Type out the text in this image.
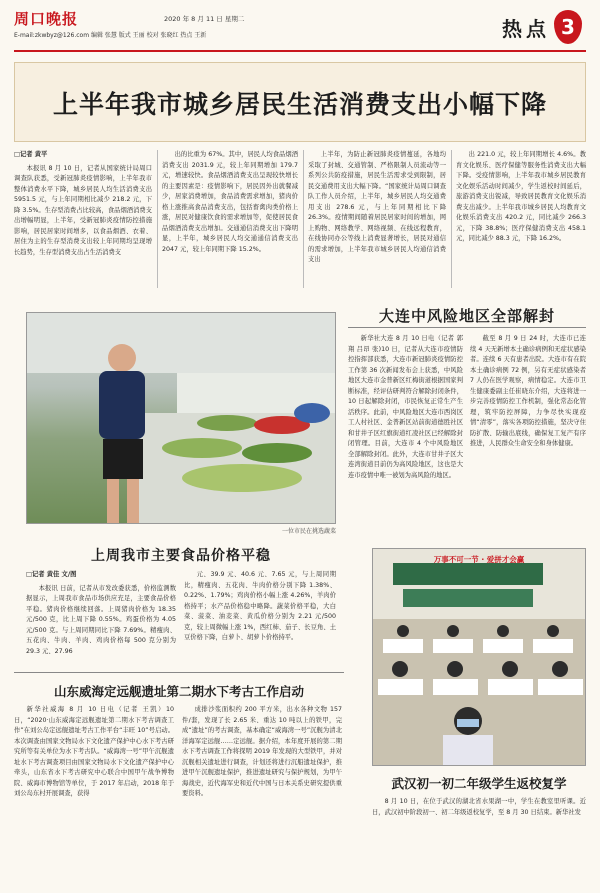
周口晚报	2020 年 8 月 11 日 星期二
E-mail:zkwbyz@126.com 编辑 张慧 版式 王丽 校对 张晓红 热点 王新	热点 3
上半年我市城乡居民生活消费支出小幅下降
□记者 黄平

本报讯 8 月 10 日，记者从国家统计局周口调查队获悉，受新冠肺炎疫情影响，上半年我市整体消费水平下降，城乡居民人均生活消费支出 5951.5 元，与上年同期相比减少 218.2 元，下降 3.5%。生存型消费占比较高，食品烟酒消费支出增幅明显，上半年，受新冠肺炎疫情防控措施影响，居民居家时间增多，以食品烟酒、衣着、居住为主的生存型消费支出较上年同期均呈现增长趋势，生存型消费支出占生活消费支

出的比重为 67%。其中，居民人均食品烟酒消费支出 2031.9 元，较上年同期增加 179.7 元，增速较快。食品烟酒消费支出呈现较快增长的主要因素是：疫情影响下，居民因外出就餐减少，居家消费增加，食品消费需求增加，猪肉价格上涨推高食品消费支出，包括畜禽肉类价格上涨，居民对健康饮食的需求增加等，促使居民食品烟酒消费支出增加。交通通信消费支出下降明显，上半年，城乡居民人均交通通信消费支出 2047 元，较上年同期下降 15.2%。

上半年，为防止新冠肺炎疫情蔓延，各地均采取了封城、交通管制、严格限制人员流动等一系列公共防疫措施，居民生活需求受到限制，居民交通费用支出大幅下降。“国家统计局周口调查队工作人员介绍，上半年，城乡居民人均交通费用支出 278.6 元，与上年同期相比下降 26.3%。疫情期间随着居民居家时间的增加，网上购物、网络教学、网络视频、在线远程教育，在线协同办公等线上消费显著增长，居民对通信的需求增加，上半年我市城乡居民人均通信消费支出

出 221.0 元，较上年同期增长 4.6%。教育文化娱乐、医疗保健等服务性消费支出大幅下降。受疫情影响，上半年我市城乡居民教育文化娱乐活动时间减少，学生返校时间延后，旅游消费支出锐减，导致居民教育文化娱乐消费支出减少。上半年我市城乡居民人均教育文化娱乐消费支出 420.2 元，同比减少 266.3 元，下降 38.8%；医疗保健消费支出 458.1 元，同比减少 88.3 元，下降 16.2%。

一位市民在挑选蔬菜
上周我市主要食品价格平稳
□记者 黄佳 文/图

本报讯 日前，记者从市发改委获悉，价格监测数据显示，上周我市食品市场供应充足，主要食品价格平稳。猪肉价格继续回落。上周猪肉价格为 18.35 元/500 克，比上周下降 0.55%。鸡蛋价格为 4.05 元/500 克。与上周同期同比下降 7.69%。精瘦肉、五花肉、牛肉、羊肉、鸡肉价格每 500 克分别为 29.3 元、27.96

元、39.9 元、40.6 元、7.65 元，与上周同期比，精瘦肉、五花肉、牛肉价格分别下降 1.38%、0.22%、1.79%；鸡肉价格小幅上涨 4.26%，羊肉价格持平；水产品价格稳中略降。蔬菜价格平稳，大白菜、菠菜、油麦菜、黄瓜价格分别为 2.21 元/500 克，较上周微幅上涨 1%，西红柿、茄子、长豆角、土豆价格下降，白萝卜、胡萝卜价格持平。

大连中风险地区全部解封

新华社大连 8 月 10 日电（记者 郭翔 吕昂 张)10 日，记者从大连市疫情防控指挥部获悉，大连市新冠肺炎疫情防控工作第 36 次新闻发布会上获悉，中风险地区大连市金普新区红梅街道根据国家判断标准，经评估研判符合解除封闭条件，10 日起解除封闭，市民恢复正常生产生活秩序。此前，中风险地区大连市西岗区工人村社区、金普新区站前街道德胜社区和甘井子区红旗街道红凌社区已经解除封闭管理。目前，大连市 4 个中风险地区全部解除封闭。此外，大连市甘井子区大连湾街道目前仍为高风险地区，这也是大连市疫情中唯一被划为高风险的地区。

截至 8 月 9 日 24 时，大连市已连续 4 天无新增本土确诊病例和无症状感染者。连续 6 天有患者出院。大连市有在院本土确诊病例 72 例，另有无症状感染者 7 人仍在医学观察，病情稳定。大连市卫生健康委副主任崔晓东介绍，大连将进一步完善疫情防控工作机制，强化常态化管理，筑牢防控屏障，力争尽快实现疫情“清零”，落实各项防控措施，坚决守住防扩散、防输出底线，确保复工复产有序推进，人民群众生命安全和身体健康。

山东威海定远舰遗址第二期水下考古工作启动

新华社威海 8 月 10 日电（记者 王凯）10 日，“2020·山东威海定远舰遗址第二期水下考古调查工作”在刘公岛定远舰遗址考古工作平台“丰旺 10”号启动。本次调查由国家文物局水下文化遗产保护中心水下考古研究所等有关单位为水下考古队。“威海湾一号”甲午沉舰遗址水下考古调查项目由国家文物局水下文化遗产保护中心牵头，山东省水下考古研究中心联合中国甲午战争博物院、威海市博物馆等单位，于 2017 年启动，2018 年于刘公岛东村开展调查，获得

成排沙浆面积约 200 平方米，出水各种文物 157 件/套，发现了长 2.65 米、重达 10 吨以上的铁甲，完成“遗址”的考古调查，基本确定“威海湾一号”沉舰为清北洋海军定远舰……定远舰。据介绍，本年度开展的第二期水下考古调查工作将探明 2019 年发现的大型铁甲，并对沉舰相关遗址进行调查，计划还将进行沉船遗址保护，推进甲午沉舰遗址保护，推进遗址研究与保护规划，为甲午海战史，近代海军史和近代中国与日本关系史研究提供重要资料。

万事不可一节 · 爱拼才会赢
武汉初一初二年级学生返校复学

8 月 10 日，在位于武汉的湖北省水果湖一中，学生在教室里听课。近日，武汉初中阶段初一、初二年级返校复学，至 8 月 30 日结束。新华社发
